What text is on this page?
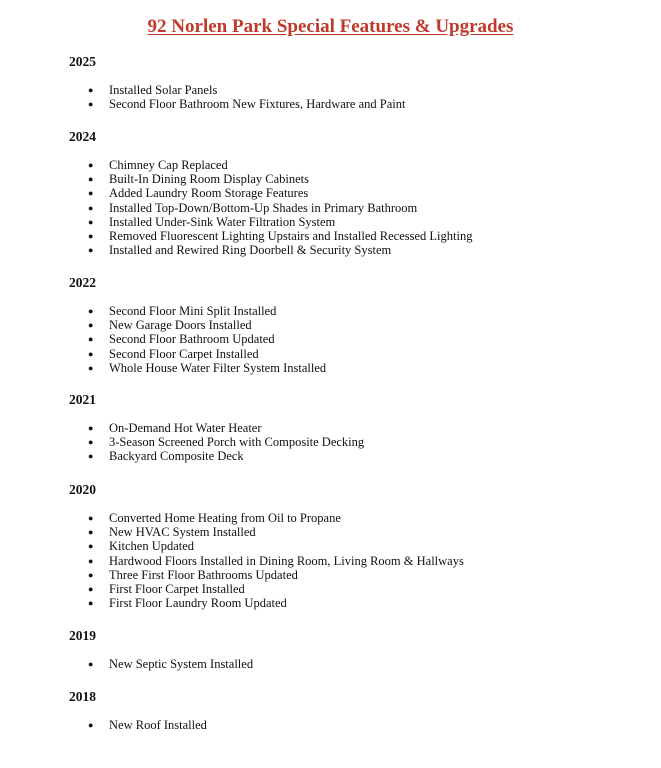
92 Norlen Park Special Features & Upgrades
2025
● Installed Solar Panels
● Second Floor Bathroom New Fixtures, Hardware and Paint
2024
● Chimney Cap Replaced
● Built-In Dining Room Display Cabinets
● Added Laundry Room Storage Features
● Installed Top-Down/Bottom-Up Shades in Primary Bathroom
● Installed Under-Sink Water Filtration System
● Removed Fluorescent Lighting Upstairs and Installed Recessed Lighting
● Installed and Rewired Ring Doorbell & Security System
2022
● Second Floor Mini Split Installed
● New Garage Doors Installed
● Second Floor Bathroom Updated
● Second Floor Carpet Installed
● Whole House Water Filter System Installed
2021
● On-Demand Hot Water Heater
● 3-Season Screened Porch with Composite Decking
● Backyard Composite Deck
2020
● Converted Home Heating from Oil to Propane
● New HVAC System Installed
● Kitchen Updated
● Hardwood Floors Installed in Dining Room, Living Room & Hallways
● Three First Floor Bathrooms Updated
● First Floor Carpet Installed
● First Floor Laundry Room Updated
2019
● New Septic System Installed
2018
● New Roof Installed
